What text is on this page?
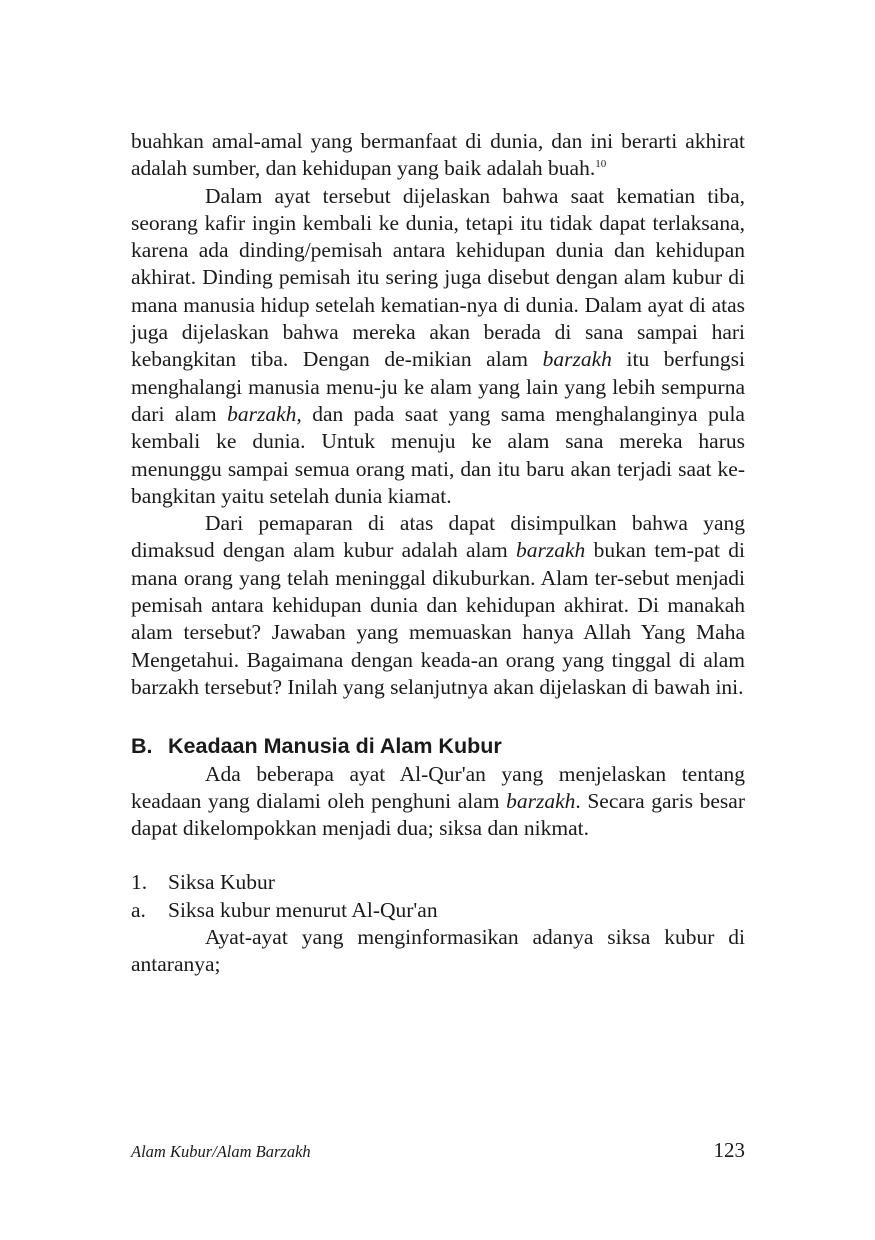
buahkan amal-amal yang bermanfaat di dunia, dan ini berarti akhirat adalah sumber, dan kehidupan yang baik adalah buah.$^{10}$

Dalam ayat tersebut dijelaskan bahwa saat kematian tiba, seorang kafir ingin kembali ke dunia, tetapi itu tidak dapat terlaksana, karena ada dinding/pemisah antara kehidupan dunia dan kehidupan akhirat. Dinding pemisah itu sering juga disebut dengan alam kubur di mana manusia hidup setelah kematian-nya di dunia. Dalam ayat di atas juga dijelaskan bahwa mereka akan berada di sana sampai hari kebangkitan tiba. Dengan de-mikian alam barzakh itu berfungsi menghalangi manusia menu-ju ke alam yang lain yang lebih sempurna dari alam barzakh, dan pada saat yang sama menghalanginya pula kembali ke dunia. Untuk menuju ke alam sana mereka harus menunggu sampai semua orang mati, dan itu baru akan terjadi saat ke-bangkitan yaitu setelah dunia kiamat.

Dari pemaparan di atas dapat disimpulkan bahwa yang dimaksud dengan alam kubur adalah alam barzakh bukan tem-pat di mana orang yang telah meninggal dikuburkan. Alam ter-sebut menjadi pemisah antara kehidupan dunia dan kehidupan akhirat. Di manakah alam tersebut? Jawaban yang memuaskan hanya Allah Yang Maha Mengetahui. Bagaimana dengan keada-an orang yang tinggal di alam barzakh tersebut? Inilah yang selanjutnya akan dijelaskan di bawah ini.

B. Keadaan Manusia di Alam Kubur

Ada beberapa ayat Al-Qur'an yang menjelaskan tentang keadaan yang dialami oleh penghuni alam barzakh. Secara garis besar dapat dikelompokkan menjadi dua; siksa dan nikmat.

1. Siksa Kubur
a.	Siksa kubur menurut Al-Qur'an

Ayat-ayat yang menginformasikan adanya siksa kubur di antaranya;

Alam Kubur/Alam Barzakh	123
